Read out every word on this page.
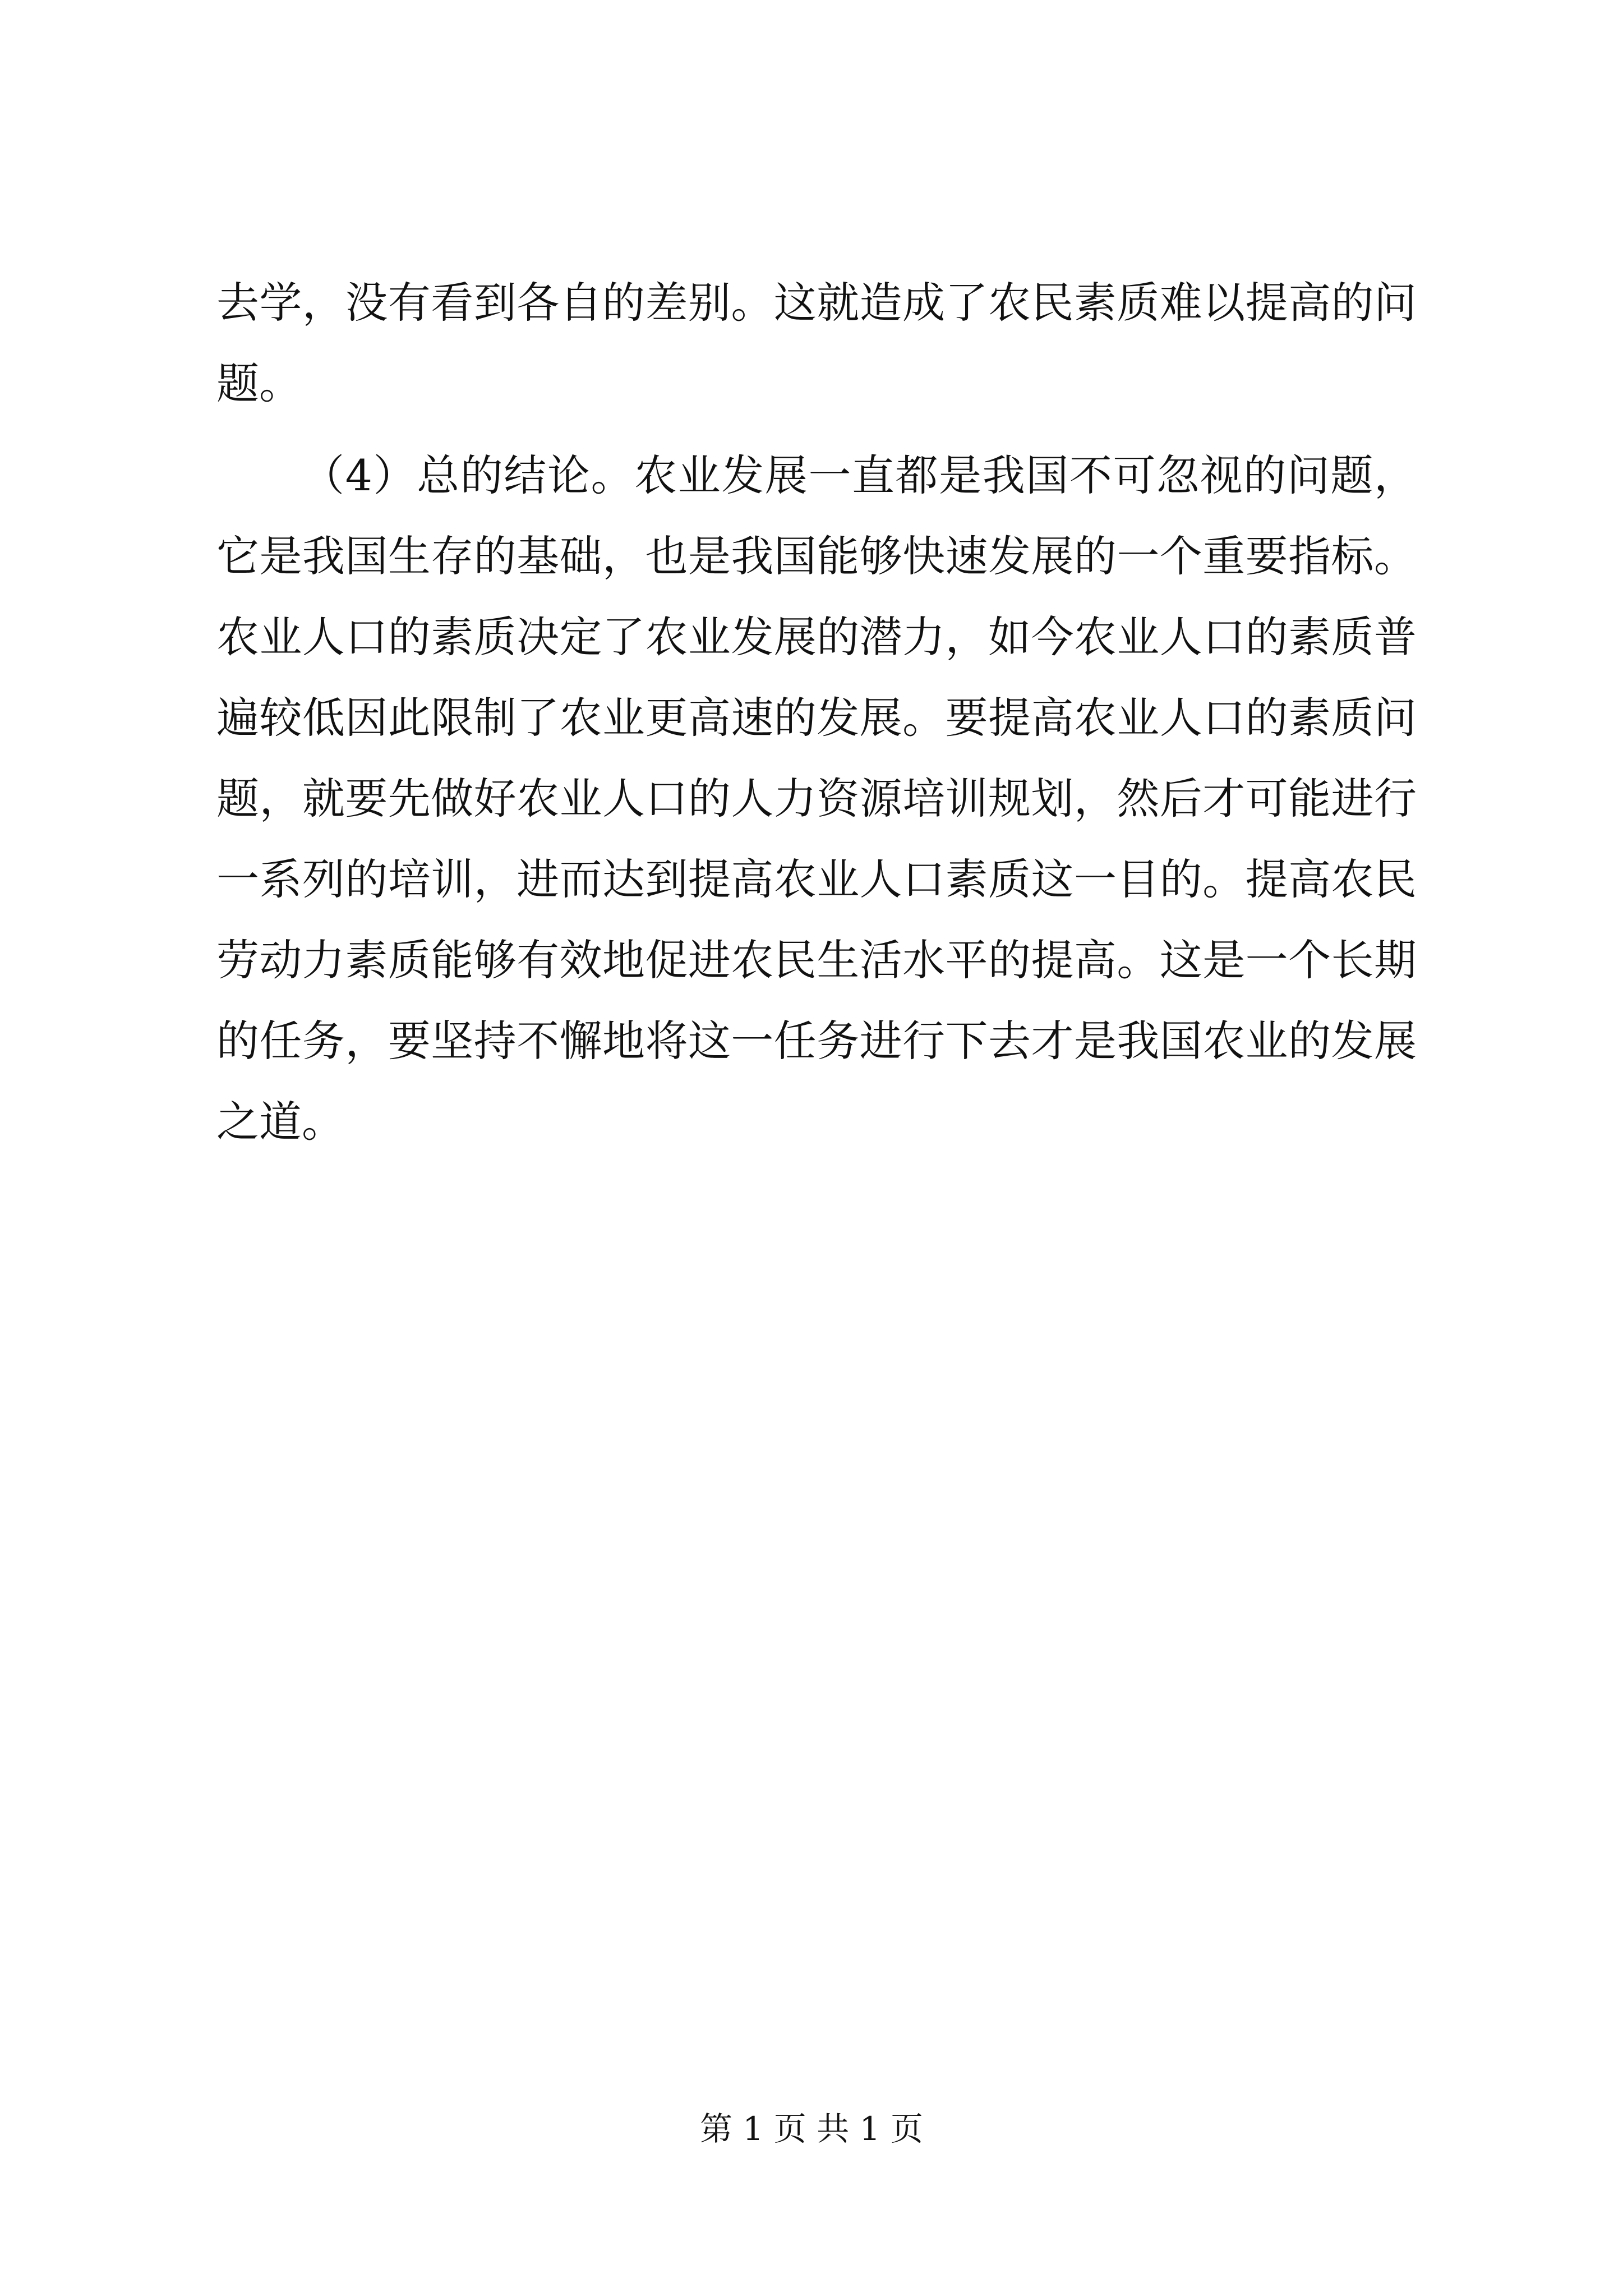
去学，没有看到各自的差别。这就造成了农民素质难以提高的问
题。
（4）总的结论。农业发展一直都是我国不可忽视的问题，
它是我国生存的基础，也是我国能够快速发展的一个重要指标。
农业人口的素质决定了农业发展的潜力，如今农业人口的素质普
遍较低因此限制了农业更高速的发展。要提高农业人口的素质问
题，就要先做好农业人口的人力资源培训规划，然后才可能进行
一系列的培训，进而达到提高农业人口素质这一目的。提高农民
劳动力素质能够有效地促进农民生活水平的提高。这是一个长期
的任务，要坚持不懈地将这一任务进行下去才是我国农业的发展
之道。
第 1 页 共 1 页
